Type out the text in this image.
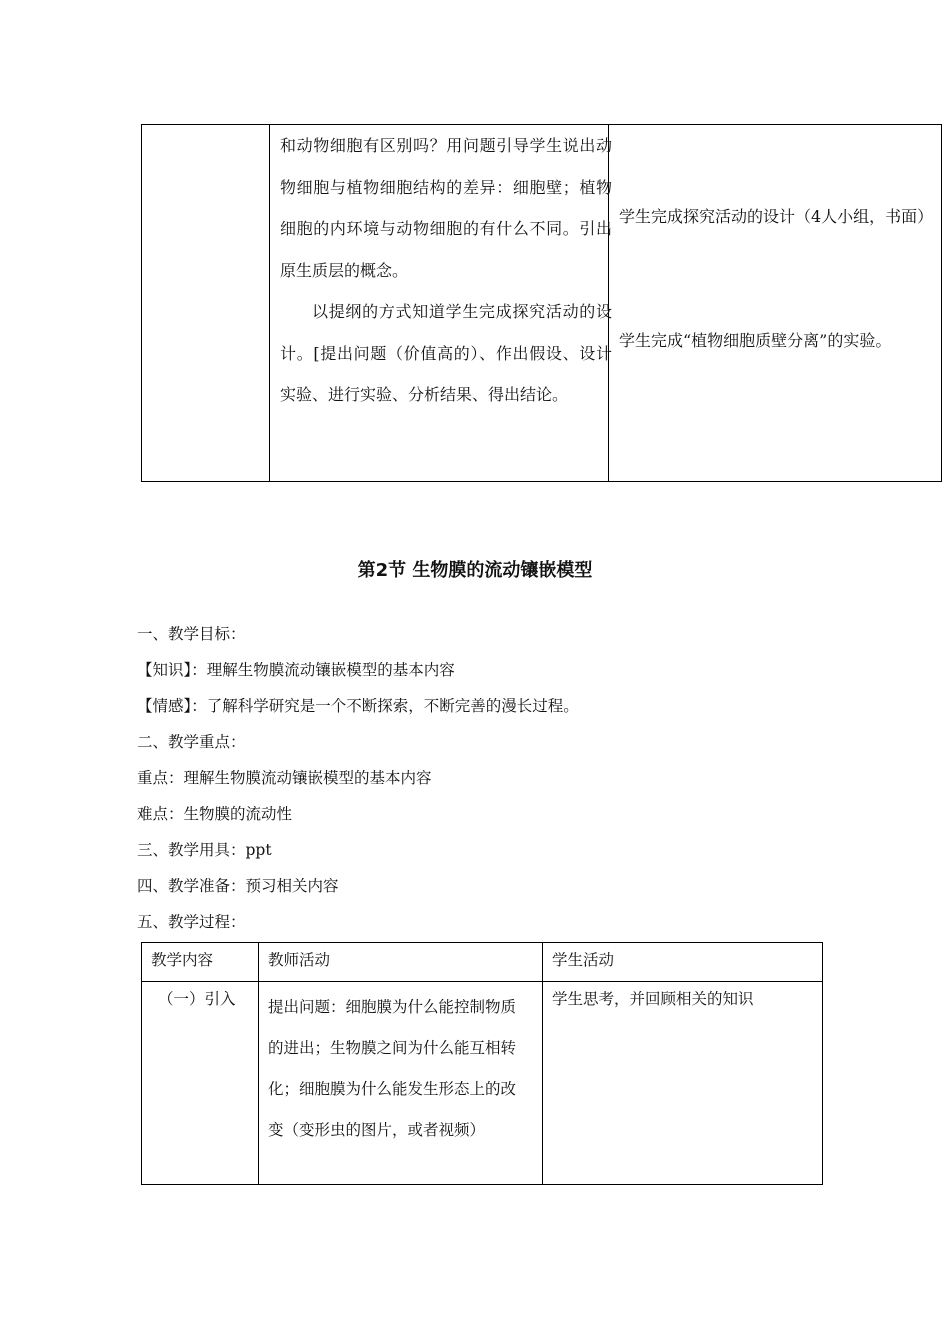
和动物细胞有区别吗？用问题引导学生说出动物细胞与植物细胞结构的差异：细胞壁；植物细胞的内环境与动物细胞的有什么不同。引出原生质层的概念。

以提纲的方式知道学生完成探究活动的设计。[提出问题（价值高的）、作出假设、设计实验、进行实验、分析结果、得出结论。

学生完成探究活动的设计（4人小组，书面）
学生完成“植物细胞质壁分离”的实验。
第2节 生物膜的流动镶嵌模型
一、教学目标：
【知识】：理解生物膜流动镶嵌模型的基本内容
【情感】：了解科学研究是一个不断探索，不断完善的漫长过程。
二、教学重点：
重点：理解生物膜流动镶嵌模型的基本内容
难点：生物膜的流动性
三、教学用具：ppt
四、教学准备：预习相关内容
五、教学过程：
教学内容	教师活动	学生活动
（一）引入 提出问题：细胞膜为什么能控制物质的进出；生物膜之间为什么能互相转化；细胞膜为什么能发生形态上的改变（变形虫的图片，或者视频）
学生思考，并回顾相关的知识
